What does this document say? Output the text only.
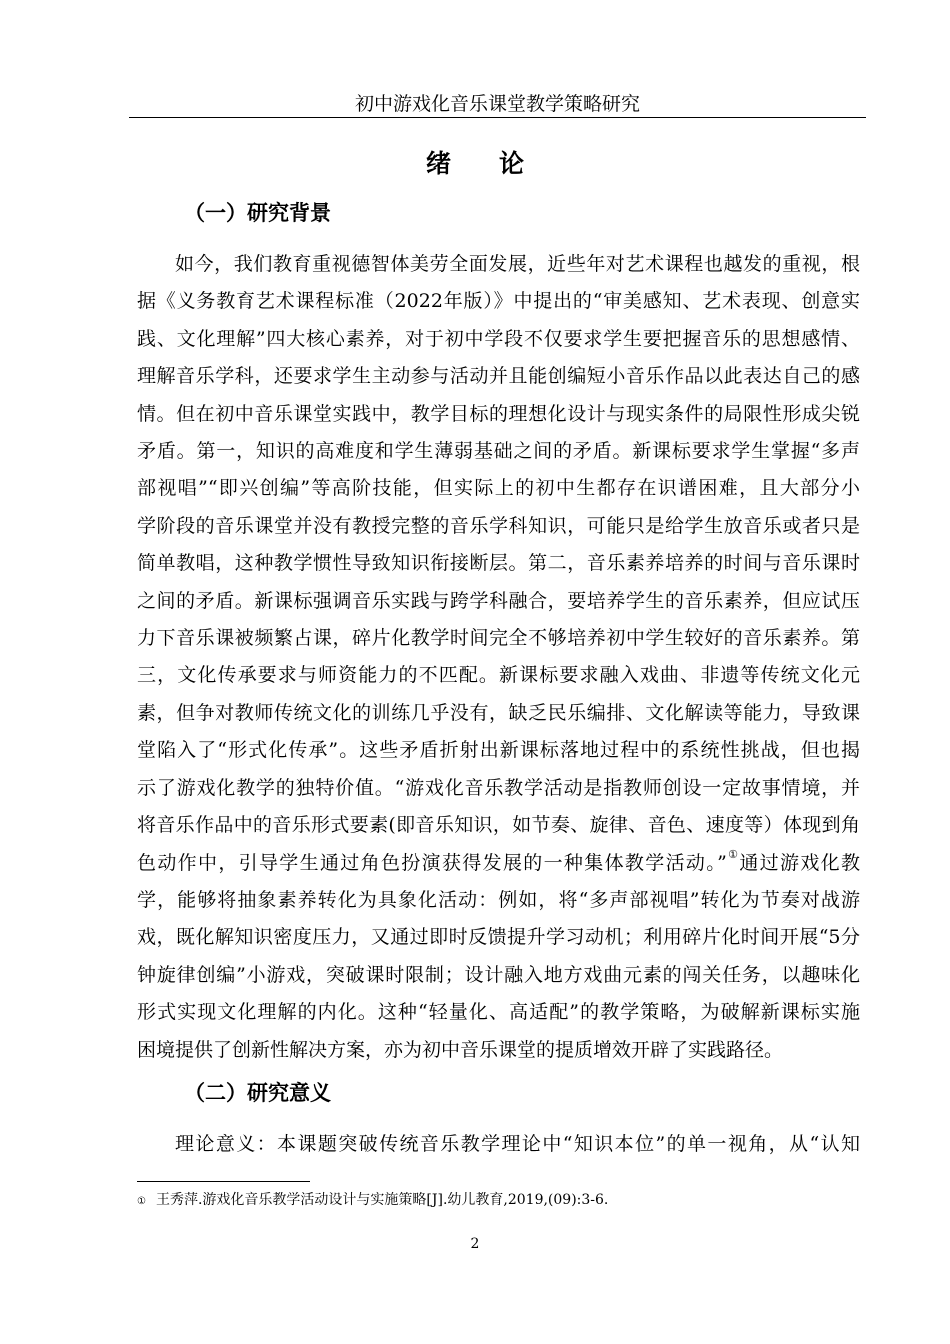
初中游戏化音乐课堂教学策略研究
绪论
（一）研究背景
如今，我们教育重视德智体美劳全面发展，近些年对艺术课程也越发的重视，根
据《义务教育艺术课程标准（2022年版）》中提出的“审美感知、艺术表现、创意实
践、文化理解”四大核心素养，对于初中学段不仅要求学生要把握音乐的思想感情、
理解音乐学科，还要求学生主动参与活动并且能创编短小音乐作品以此表达自己的感
情。但在初中音乐课堂实践中，教学目标的理想化设计与现实条件的局限性形成尖锐
矛盾。第一，知识的高难度和学生薄弱基础之间的矛盾。新课标要求学生掌握“多声
部视唱”“即兴创编”等高阶技能，但实际上的初中生都存在识谱困难，且大部分小
学阶段的音乐课堂并没有教授完整的音乐学科知识，可能只是给学生放音乐或者只是
简单教唱，这种教学惯性导致知识衔接断层。第二，音乐素养培养的时间与音乐课时
之间的矛盾。新课标强调音乐实践与跨学科融合，要培养学生的音乐素养，但应试压
力下音乐课被频繁占课，碎片化教学时间完全不够培养初中学生较好的音乐素养。第
三，文化传承要求与师资能力的不匹配。新课标要求融入戏曲、非遗等传统文化元
素，但争对教师传统文化的训练几乎没有，缺乏民乐编排、文化解读等能力，导致课
堂陷入了“形式化传承”。这些矛盾折射出新课标落地过程中的系统性挑战，但也揭
示了游戏化教学的独特价值。“游戏化音乐教学活动是指教师创设一定故事情境，并
将音乐作品中的音乐形式要素(即音乐知识，如节奏、旋律、音色、速度等）体现到角
色动作中，引导学生通过角色扮演获得发展的一种集体教学活动。”①通过游戏化教
学，能够将抽象素养转化为具象化活动：例如，将“多声部视唱”转化为节奏对战游
戏，既化解知识密度压力，又通过即时反馈提升学习动机；利用碎片化时间开展“5分
钟旋律创编”小游戏，突破课时限制；设计融入地方戏曲元素的闯关任务，以趣味化
形式实现文化理解的内化。这种“轻量化、高适配”的教学策略，为破解新课标实施
困境提供了创新性解决方案，亦为初中音乐课堂的提质增效开辟了实践路径。
（二）研究意义
理论意义：本课题突破传统音乐教学理论中“知识本位”的单一视角，从“认知
① 王秀萍.游戏化音乐教学活动设计与实施策略[J].幼儿教育,2019,(09):3-6.
2
